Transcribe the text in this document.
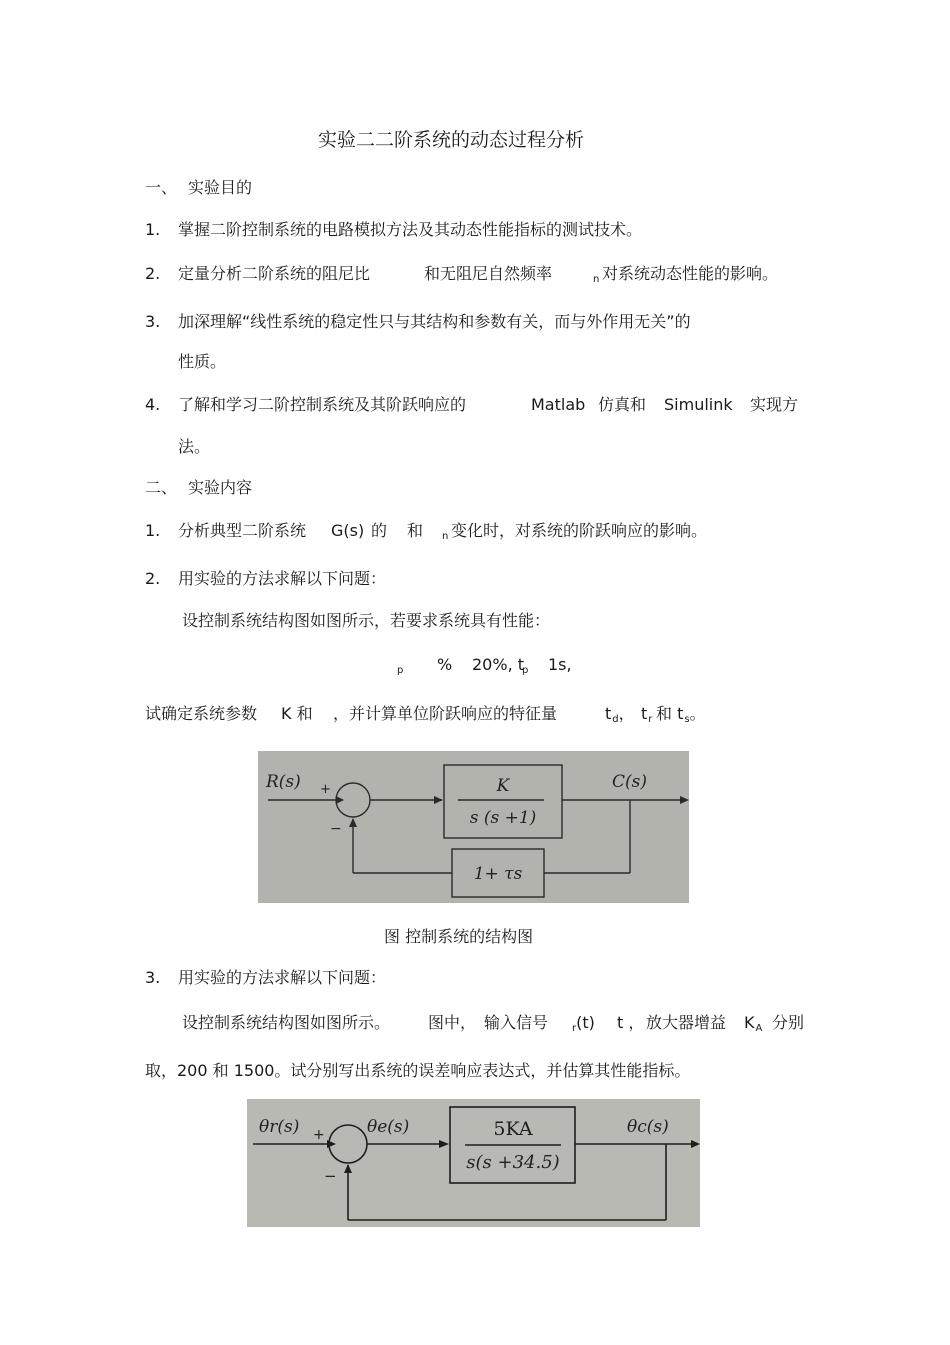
实验二二阶系统的动态过程分析
一、 实验目的
1. 掌握二阶控制系统的电路模拟方法及其动态性能指标的测试技术。
2. 定量分析二阶系统的阻尼比	和无阻尼自然频率	$_n$ 对系统动态性能的影响。
3. 加深理解“线性系统的稳定性只与其结构和参数有关，而与外作用无关”的
性质。
4. 了解和学习二阶控制系统及其阶跃响应的	Matlab 仿真和 Simulink 实现方
法。
二、 实验内容
1. 分析典型二阶系统 G(s) 的 和 $_n$ 变化时，对系统的阶跃响应的影响。
2. 用实验的方法求解以下问题：
设控制系统结构图如图所示，若要求系统具有性能：
$_p$ % 20%, t
$_p$ 1s,
试确定系统参数 K 和 ，并计算单位阶跃响应的特征量	$t_d$， $t_r$ 和 $t_s$。
R(s) +
−
K
s (s +1)
1+ τs
C(s)
图 控制系统的结构图
3. 用实验的方法求解以下问题：
设控制系统结构图如图所示。 图中， 输入信号 $_r$(t) t ， 放大器增益 $K_A$ 分别
取，200 和 1500。试分别写出系统的误差响应表达式，并估算其性能指标。
θr(s) +
−
θe(s)	5KA
s(s +34.5)
θc(s)
